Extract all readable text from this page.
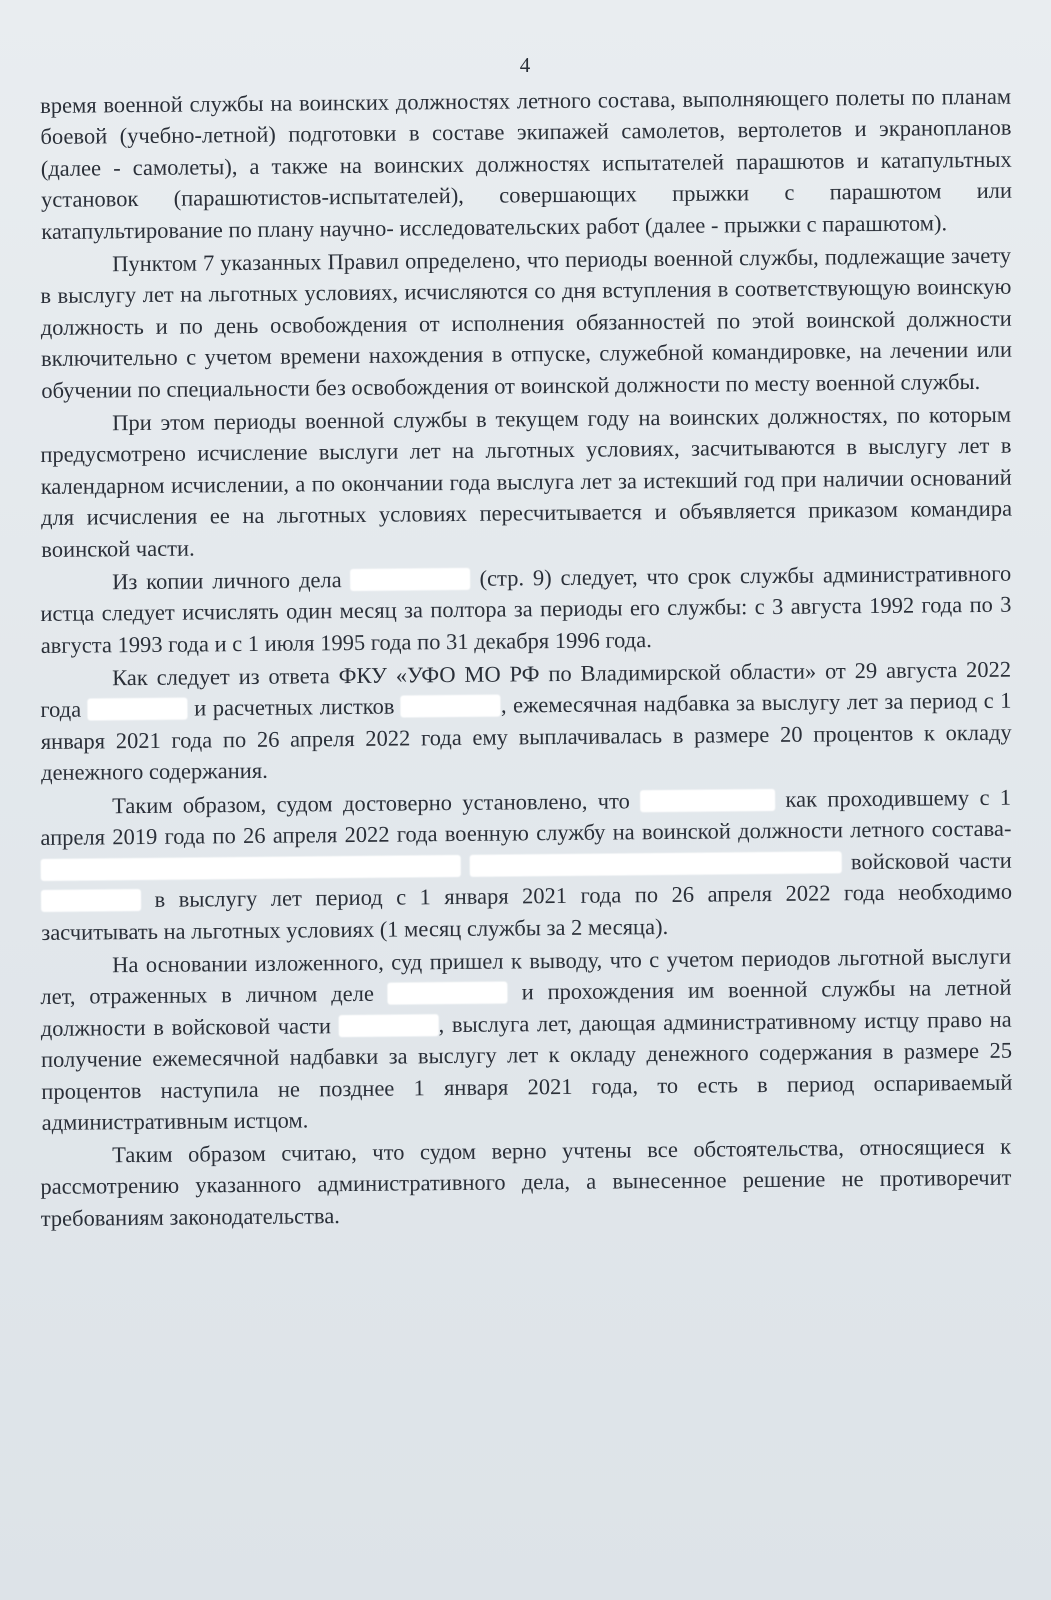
4

время военной службы на воинских должностях летного состава, выполняющего полеты по планам боевой (учебно-летной) подготовки в составе экипажей самолетов, вертолетов и экранопланов (далее - самолеты), а также на воинских должностях испытателей парашютов и катапультных установок (парашютистов-испытателей), совершающих прыжки с парашютом или катапультирование по плану научно- исследовательских работ (далее - прыжки с парашютом).

Пунктом 7 указанных Правил определено, что периоды военной службы, подлежащие зачету в выслугу лет на льготных условиях, исчисляются со дня вступления в соответствующую воинскую должность и по день освобождения от исполнения обязанностей по этой воинской должности включительно с учетом времени нахождения в отпуске, служебной командировке, на лечении или обучении по специальности без освобождения от воинской должности по месту военной службы.

При этом периоды военной службы в текущем году на воинских должностях, по которым предусмотрено исчисление выслуги лет на льготных условиях, засчитываются в выслугу лет в календарном исчислении, а по окончании года выслуга лет за истекший год при наличии оснований для исчисления ее на льготных условиях пересчитывается и объявляется приказом командира воинской части.

Из копии личного дела	(стр. 9) следует, что срок службы административного истца следует исчислять один месяц за полтора за периоды его службы: с 3 августа 1992 года по 3 августа 1993 года и с 1 июля 1995 года по 31 декабря 1996 года.

Как следует из ответа ФКУ «УФО МО РФ по Владимирской области» от 29 августа 2022 года	и расчетных листков	, ежемесячная надбавка за выслугу лет за период с 1 января 2021 года по 26 апреля 2022 года ему выплачивалась в размере 20 процентов к окладу денежного содержания.

Таким образом, судом достоверно установлено, что	как проходившему с 1 апреля 2019 года по 26 апреля 2022 года военную службу на воинской должности летного состава-  войсковой части  в выслугу лет период с 1 января 2021 года по 26 апреля 2022 года необходимо засчитывать на льготных условиях (1 месяц службы за 2 месяца).

На основании изложенного, суд пришел к выводу, что с учетом периодов льготной выслуги лет, отраженных в личном деле	и прохождения им военной службы на летной должности в войсковой части	, выслуга лет, дающая административному истцу право на получение ежемесячной надбавки за выслугу лет к окладу денежного содержания в размере 25 процентов наступила не позднее 1 января 2021 года, то есть в период оспариваемый административным истцом.

Таким образом считаю, что судом верно учтены все обстоятельства, относящиеся к рассмотрению указанного административного дела, а вынесенное решение не противоречит требованиям законодательства.
